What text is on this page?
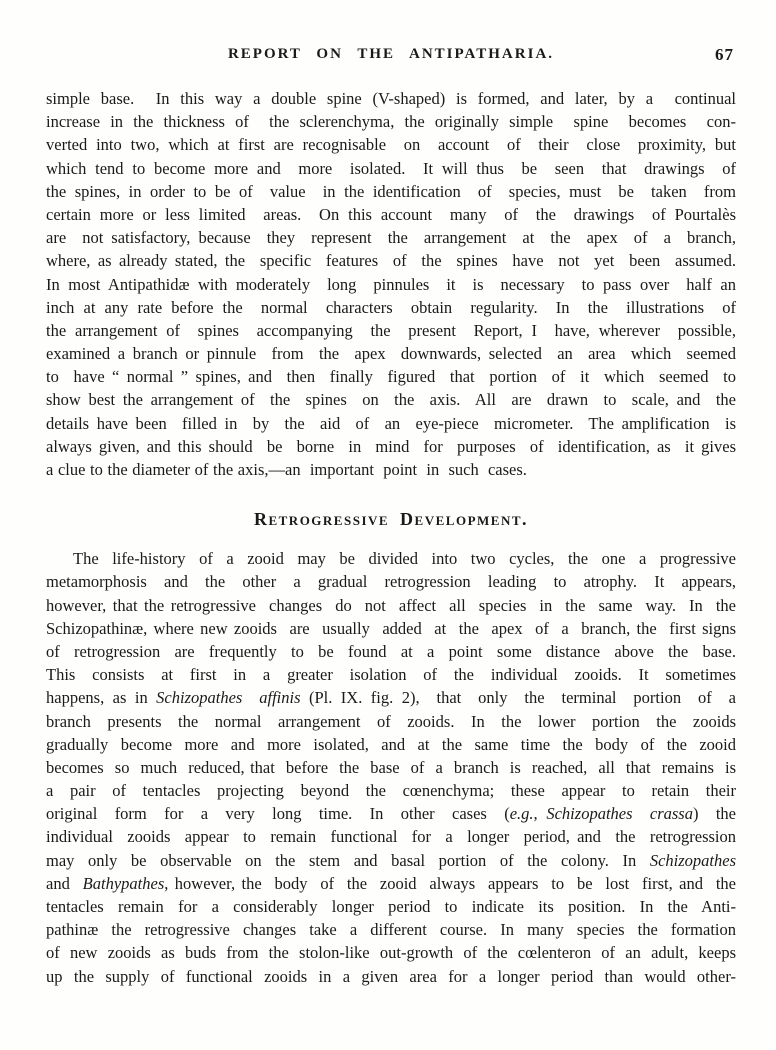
REPORT ON THE ANTIPATHARIA.	67
simple base.  In this way a double spine (V-shaped) is formed, and later, by a  continual
increase in the thickness of  the sclerenchyma, the originally simple  spine  becomes  con-
verted into two, which at first are recognisable  on  account  of  their  close  proximity, but
which tend to become more and  more  isolated.  It will thus  be  seen  that  drawings  of
the spines, in order to be of  value  in the identification  of  species, must  be  taken  from
certain more or less limited  areas.  On this account  many  of  the  drawings  of Pourtalès
are  not satisfactory, because  they  represent  the  arrangement  at  the  apex  of  a  branch,
where, as already stated, the  specific  features  of  the  spines  have  not  yet  been  assumed.
In most Antipathidæ with moderately  long  pinnules  it  is  necessary  to pass over  half an
inch at any rate before the  normal  characters  obtain  regularity.  In  the  illustrations  of
the arrangement of  spines  accompanying  the  present  Report, I  have, wherever  possible,
examined a branch or pinnule  from  the  apex  downwards, selected  an  area  which  seemed
to  have “ normal ” spines, and  then  finally  figured  that  portion  of  it  which  seemed  to
show best the arrangement of  the  spines  on  the  axis.  All  are  drawn  to  scale, and  the
details have been  filled in  by  the  aid  of  an  eye-piece  micrometer.  The amplification  is
always given, and this should  be  borne  in  mind  for  purposes  of  identification, as  it gives
a clue to the diameter of the axis,—an  important  point  in  such  cases.
Retrogressive Development.
The  life-history  of  a  zooid  may  be  divided  into  two  cycles,  the  one  a  progressive
metamorphosis  and  the  other  a  gradual  retrogression  leading  to  atrophy.  It  appears,
however, that the retrogressive  changes  do  not  affect  all  species  in  the  same  way.  In  the
Schizopathinæ, where new zooids  are  usually  added  at  the  apex  of  a  branch, the  first signs
of  retrogression  are  frequently  to  be  found  at  a  point  some  distance  above  the  base.
This  consists  at  first  in  a  greater  isolation  of  the  individual  zooids.  It  sometimes
happens, as in Schizopathes  affinis (Pl. IX. fig. 2),  that  only  the  terminal  portion  of  a
branch  presents  the  normal  arrangement  of  zooids.  In  the  lower  portion  the  zooids
gradually  become  more  and  more  isolated,  and  at  the  same  time  the  body  of  the  zooid
becomes  so  much  reduced, that  before  the  base  of  a  branch  is  reached,  all  that  remains  is
a  pair  of  tentacles  projecting  beyond  the  cœnenchyma;  these  appear  to  retain  their
original  form  for  a  very  long  time.  In  other  cases  (e.g., Schizopathes  crassa)  the
individual  zooids  appear  to  remain  functional  for  a  longer  period, and  the  retrogression
may  only  be  observable  on  the  stem  and  basal  portion  of  the  colony.  In  Schizopathes
and  Bathypathes, however, the  body  of  the  zooid  always  appears  to  be  lost  first, and  the
tentacles  remain  for  a  considerably  longer  period  to  indicate  its  position.  In  the  Anti-
pathinæ  the  retrogressive  changes  take  a  different  course.  In  many  species  the  formation
of  new  zooids  as  buds  from  the  stolon-like  out-growth  of  the  cœlenteron  of  an  adult,  keeps
up  the  supply  of  functional  zooids  in  a  given  area  for  a  longer  period  than  would  other-
